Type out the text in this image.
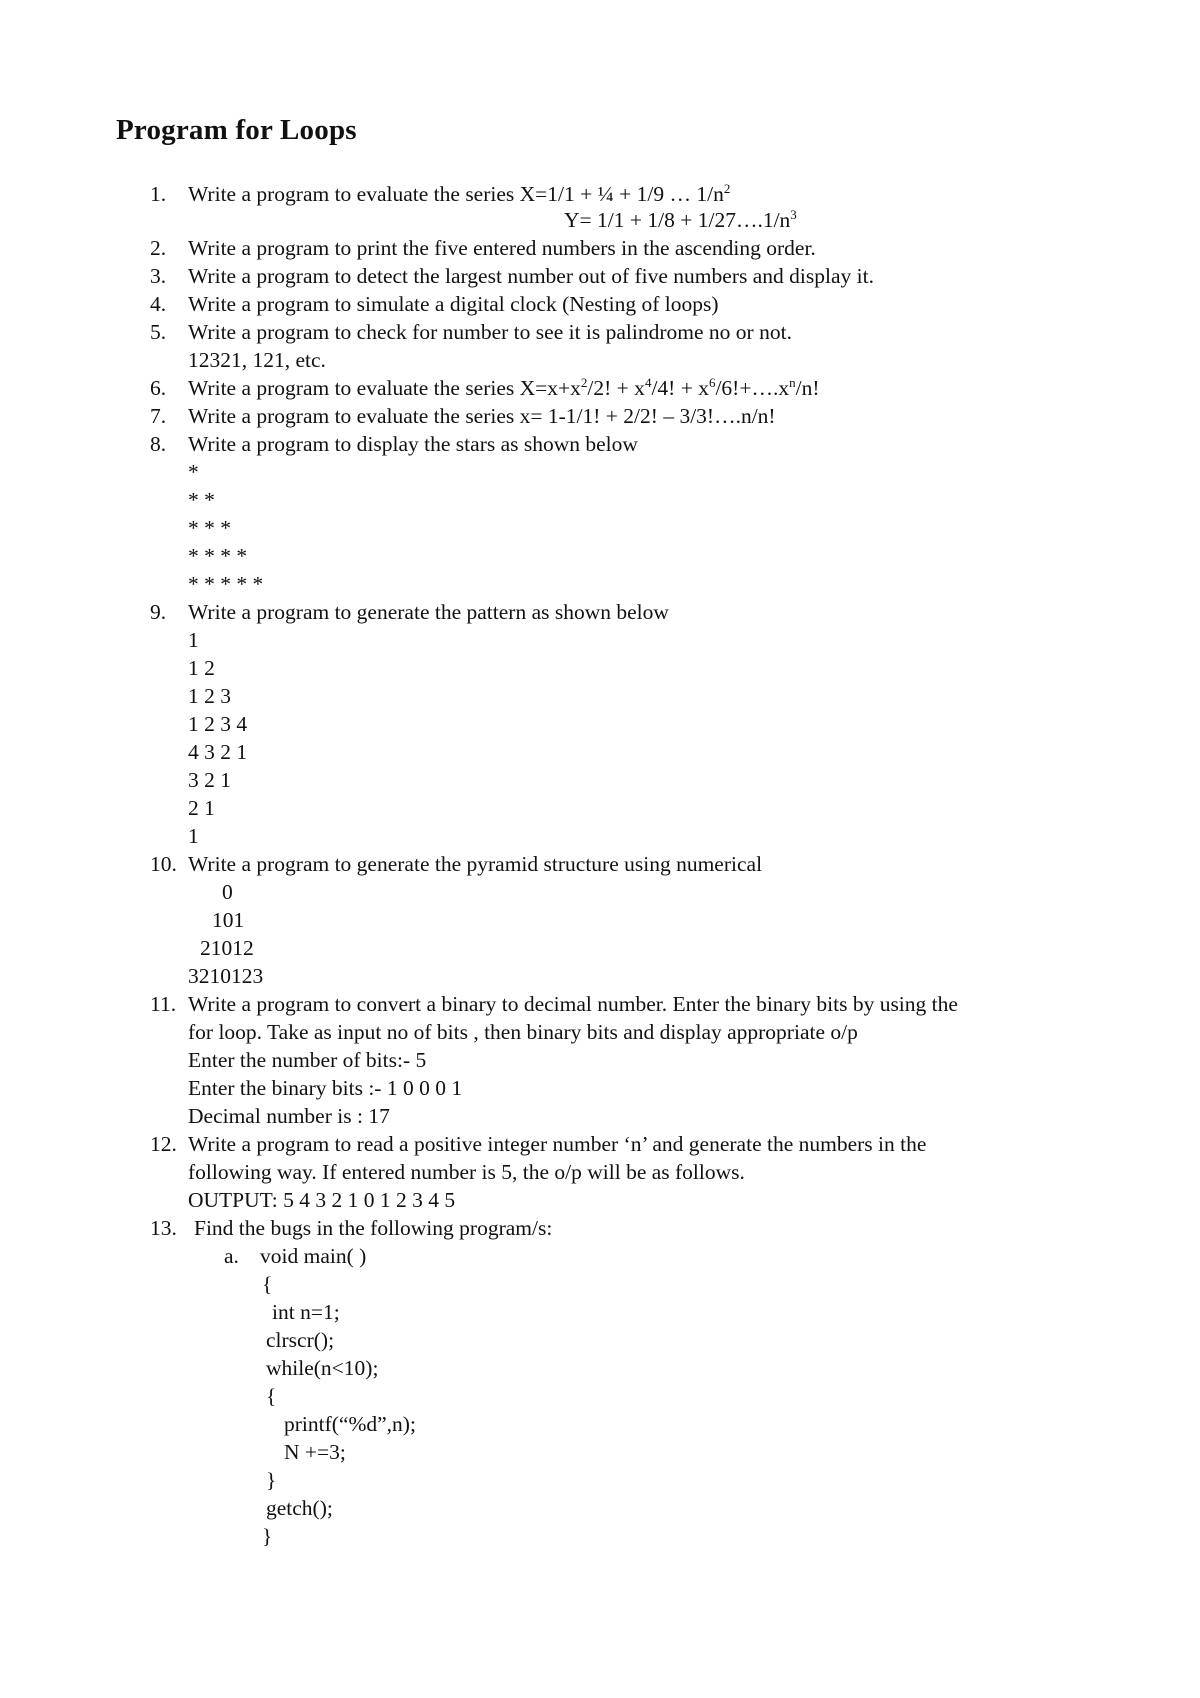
Program for Loops
1. Write a program to evaluate the series X=1/1 + ¼ + 1/9 … $1/n^2$
$Y= 1/1 + 1/8 + 1/27\dots.1/n^3$
2. Write a program to print the five entered numbers in the ascending order.
3. Write a program to detect the largest number out of five numbers and display it.
4. Write a program to simulate a digital clock (Nesting of loops)
5. Write a program to check for number to see it is palindrome no or not.
12321, 121, etc.
6. Write a program to evaluate the series $X=x+x^2/2$! + $x^4/4$! + $x^6/6!+\dots.x^n/n$!
7. Write a program to evaluate the series x= 1-1/1! + 2/2! – 3/3!….n/n!
8. Write a program to display the stars as shown below
*
* *
* * *
* * * *
* * * * *
9. Write a program to generate the pattern as shown below
1
1 2
1 2 3
1 2 3 4
4 3 2 1
3 2 1
2 1
1
10. Write a program to generate the pyramid structure using numerical
0
101
21012
3210123
11. Write a program to convert a binary to decimal number. Enter the binary bits by using the
for loop. Take as input no of bits , then binary bits and display appropriate o/p
Enter the number of bits:- 5
Enter the binary bits :- 1 0 0 0 1
Decimal number is : 17
12. Write a program to read a positive integer number ‘n’ and generate the numbers in the
following way. If entered number is 5, the o/p will be as follows.
OUTPUT: 5 4 3 2 1 0 1 2 3 4 5
13. Find the bugs in the following program/s:
a. void main( )
{
int n=1;
clrscr();
while(n<10);
{
printf(“%d”,n);
N +=3;
}
getch();
}
